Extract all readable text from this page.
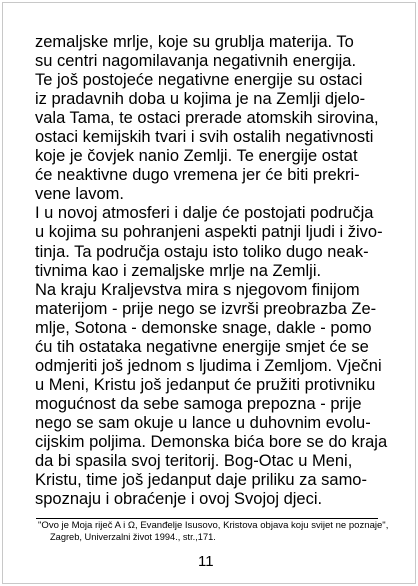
zemaljske mrlje, koje su grublja materija. To
su centri nagomilavanja negativnih energija.
Te još postojeće negativne energije su ostaci
iz pradavnih doba u kojima je na Zemlji djelo-
vala Tama, te ostaci prerade atomskih sirovina,
ostaci kemijskih tvari i svih ostalih negativnosti
koje je čovjek nanio Zemlji. Te energije ostat
će neaktivne dugo vremena jer će biti prekri-
vene lavom.
I u novoj atmosferi i dalje će postojati područja
u kojima su pohranjeni aspekti patnji ljudi i živo-
tinja. Ta područja ostaju isto toliko dugo neak-
tivnima kao i zemaljske mrlje na Zemlji.
Na kraju Kraljevstva mira s njegovom finijom
materijom - prije nego se izvrši preobrazba Ze-
mlje, Sotona - demonske snage, dakle - pomo
ću tih ostataka negativne energije smjet će se
odmjeriti još jednom s ljudima i Zemljom. Vječni
u Meni, Kristu još jedanput će pružiti protivniku
mogućnost da sebe samoga prepozna - prije
nego se sam okuje u lance u duhovnim evolu-
cijskim poljima. Demonska bića bore se do kraja
da bi spasila svoj teritorij. Bog-Otac u Meni,
Kristu, time još jedanput daje priliku za samo-
spoznaju i obraćenje i ovoj Svojoj djeci.
"Ovo je Moja riječ A i Ω, Evanđelje Isusovo, Kristova objava koju svijet ne poznaje",
Zagreb, Univerzalni život 1994., str.,171.
11
